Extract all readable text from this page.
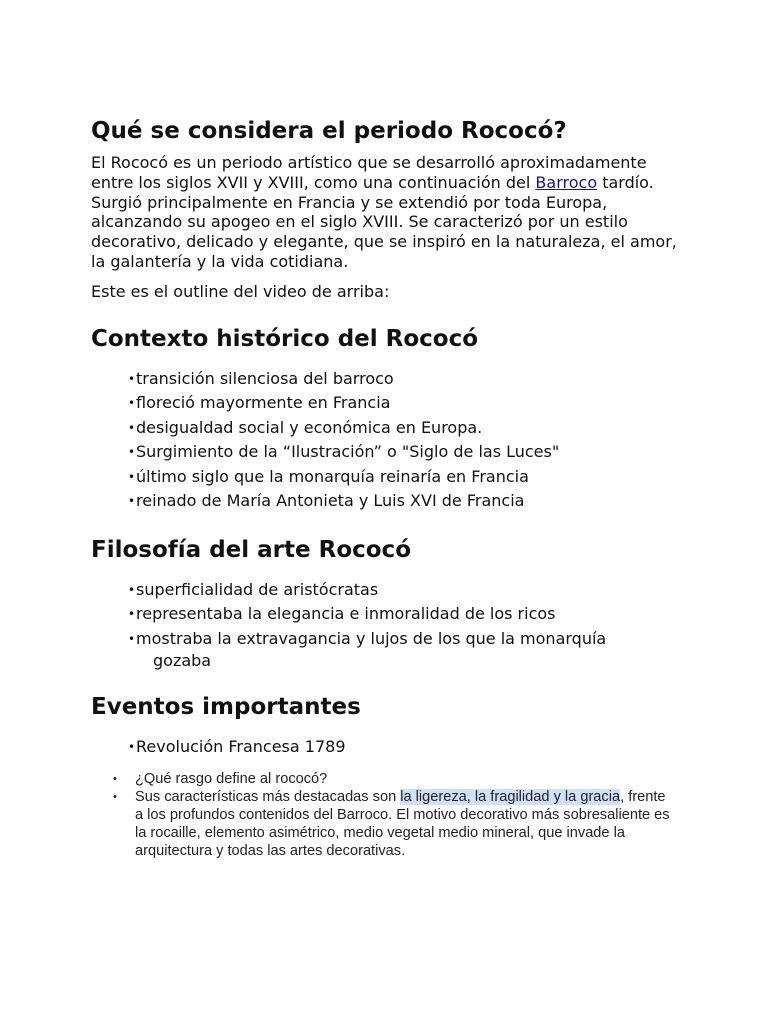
Qué se considera el periodo Rococó?

El Rococó es un periodo artístico que se desarrolló aproximadamente entre los siglos XVII y XVIII, como una continuación del Barroco tardío. Surgió principalmente en Francia y se extendió por toda Europa, alcanzando su apogeo en el siglo XVIII. Se caracterizó por un estilo decorativo, delicado y elegante, que se inspiró en la naturaleza, el amor, la galantería y la vida cotidiana.

Este es el outline del video de arriba:

Contexto histórico del Rococó
• transición silenciosa del barroco
• floreció mayormente en Francia
• desigualdad social y económica en Europa.
• Surgimiento de la “Ilustración” o "Siglo de las Luces"
• último siglo que la monarquía reinaría en Francia
• reinado de María Antonieta y Luis XVI de Francia
Filosofía del arte Rococó
• superficialidad de aristócratas
• representaba la elegancia e inmoralidad de los ricos
• mostraba la extravagancia y lujos de los que la monarquía
gozaba
Eventos importantes
• Revolución Francesa 1789
• ¿Qué rasgo define al rococó?
• Sus características más destacadas son la ligereza, la fragilidad y la gracia, frente a los profundos contenidos del Barroco. El motivo decorativo más sobresaliente es la rocaille, elemento asimétrico, medio vegetal medio mineral, que invade la arquitectura y todas las artes decorativas.
